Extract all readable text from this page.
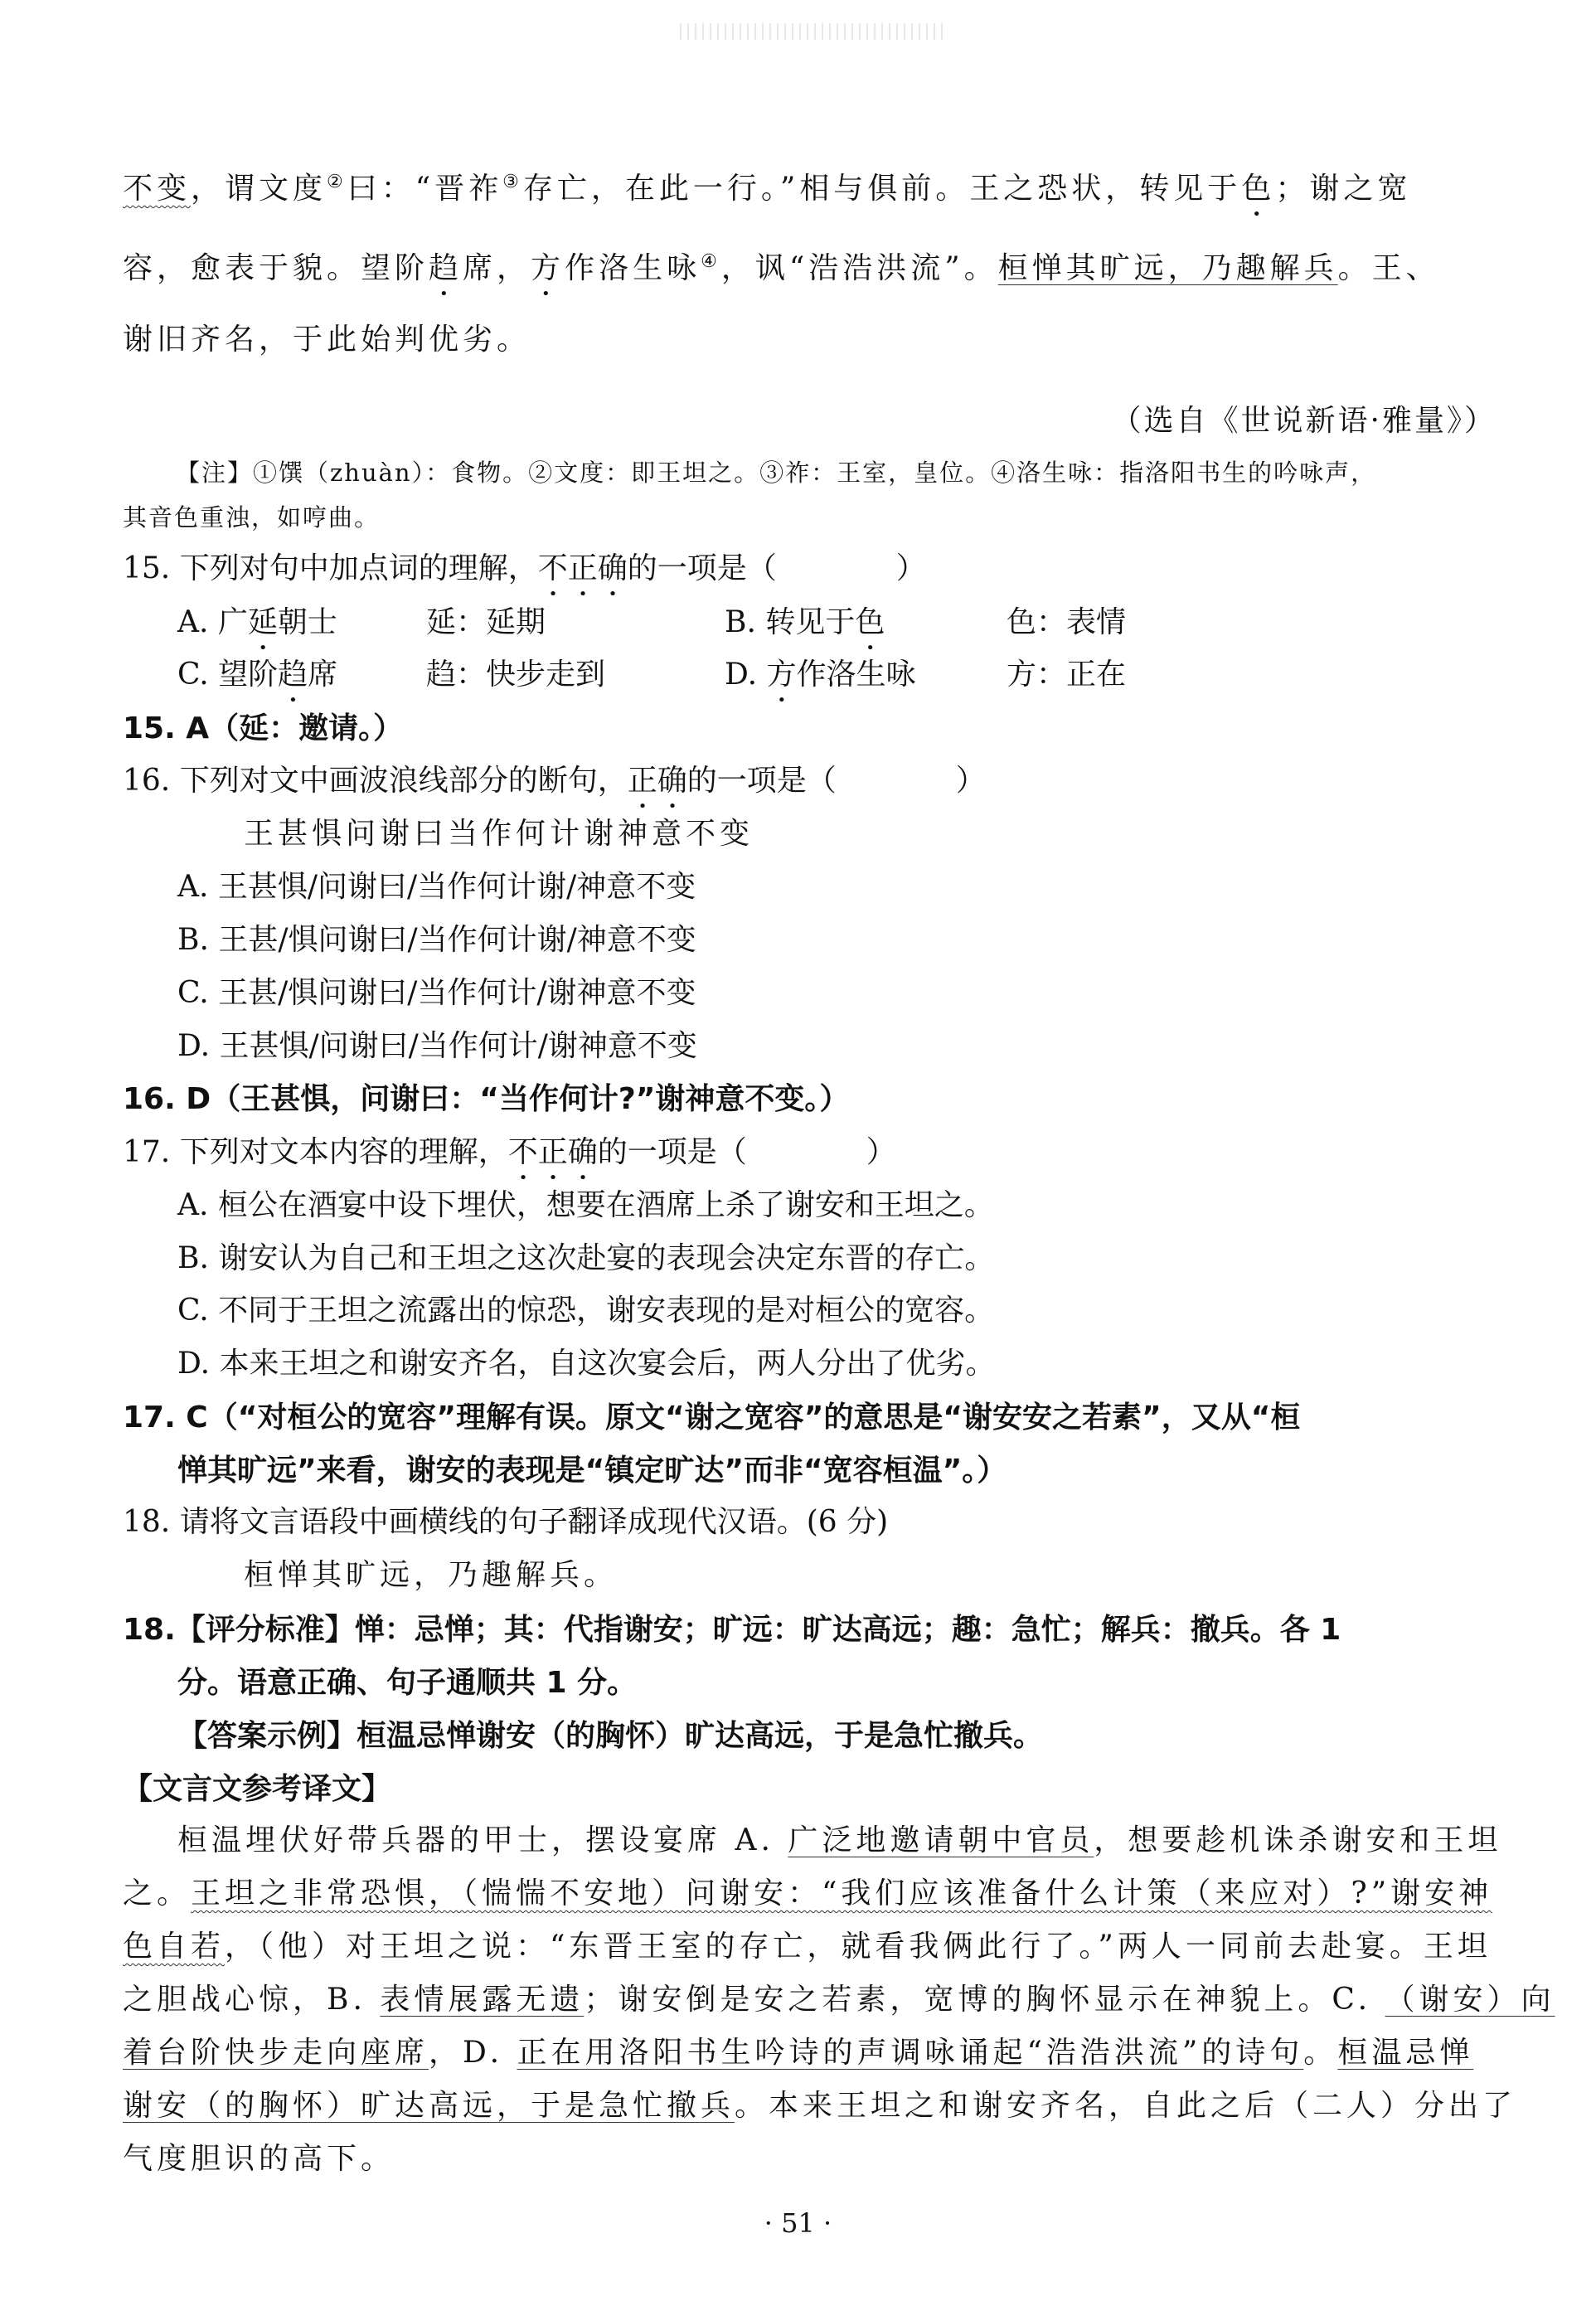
不变，谓文度②曰：“晋祚③存亡，在此一行。”相与俱前。王之恐状，转见于色；谢之宽
容，愈表于貌。望阶趋席，方作洛生咏④，讽“浩浩洪流”。桓惮其旷远，乃趣解兵。王、
谢旧齐名，于此始判优劣。
（选自《世说新语·雅量》）
【注】①馔（zhuàn）：食物。②文度：即王坦之。③祚：王室，皇位。④洛生咏：指洛阳书生的吟咏声，
其音色重浊，如哼曲。
15. 下列对句中加点词的理解，不正确的一项是（　　　　）
A. 广延朝士	延：延期	B. 转见于色	色：表情
C. 望阶趋席	趋：快步走到	D. 方作洛生咏	方：正在
15. A（延：邀请。）
16. 下列对文中画波浪线部分的断句，正确的一项是（　　　　）
王甚惧问谢曰当作何计谢神意不变
A. 王甚惧/问谢曰/当作何计谢/神意不变
B. 王甚/惧问谢曰/当作何计谢/神意不变
C. 王甚/惧问谢曰/当作何计/谢神意不变
D. 王甚惧/问谢曰/当作何计/谢神意不变
16. D（王甚惧，问谢曰：“当作何计?”谢神意不变。）
17. 下列对文本内容的理解，不正确的一项是（　　　　）
A. 桓公在酒宴中设下埋伏，想要在酒席上杀了谢安和王坦之。
B. 谢安认为自己和王坦之这次赴宴的表现会决定东晋的存亡。
C. 不同于王坦之流露出的惊恐，谢安表现的是对桓公的宽容。
D. 本来王坦之和谢安齐名，自这次宴会后，两人分出了优劣。
17. C（“对桓公的宽容”理解有误。原文“谢之宽容”的意思是“谢安安之若素”，又从“桓
惮其旷远”来看，谢安的表现是“镇定旷达”而非“宽容桓温”。）
18. 请将文言语段中画横线的句子翻译成现代汉语。(6 分)
桓惮其旷远，乃趣解兵。
18.【评分标准】惮：忌惮；其：代指谢安；旷远：旷达高远；趣：急忙；解兵：撤兵。各 1
分。语意正确、句子通顺共 1 分。
【答案示例】桓温忌惮谢安（的胸怀）旷达高远，于是急忙撤兵。
【文言文参考译文】
桓温埋伏好带兵器的甲士，摆设宴席 A. 广泛地邀请朝中官员，想要趁机诛杀谢安和王坦
之。王坦之非常恐惧，（惴惴不安地）问谢安：“我们应该准备什么计策（来应对）?”谢安神
色自若，（他）对王坦之说：“东晋王室的存亡，就看我俩此行了。”两人一同前去赴宴。王坦
之胆战心惊，B. 表情展露无遗；谢安倒是安之若素，宽博的胸怀显示在神貌上。C. （谢安）向
着台阶快步走向座席，D. 正在用洛阳书生吟诗的声调咏诵起“浩浩洪流”的诗句。桓温忌惮
谢安（的胸怀）旷达高远，于是急忙撤兵。本来王坦之和谢安齐名，自此之后（二人）分出了
气度胆识的高下。
· 51 ·
